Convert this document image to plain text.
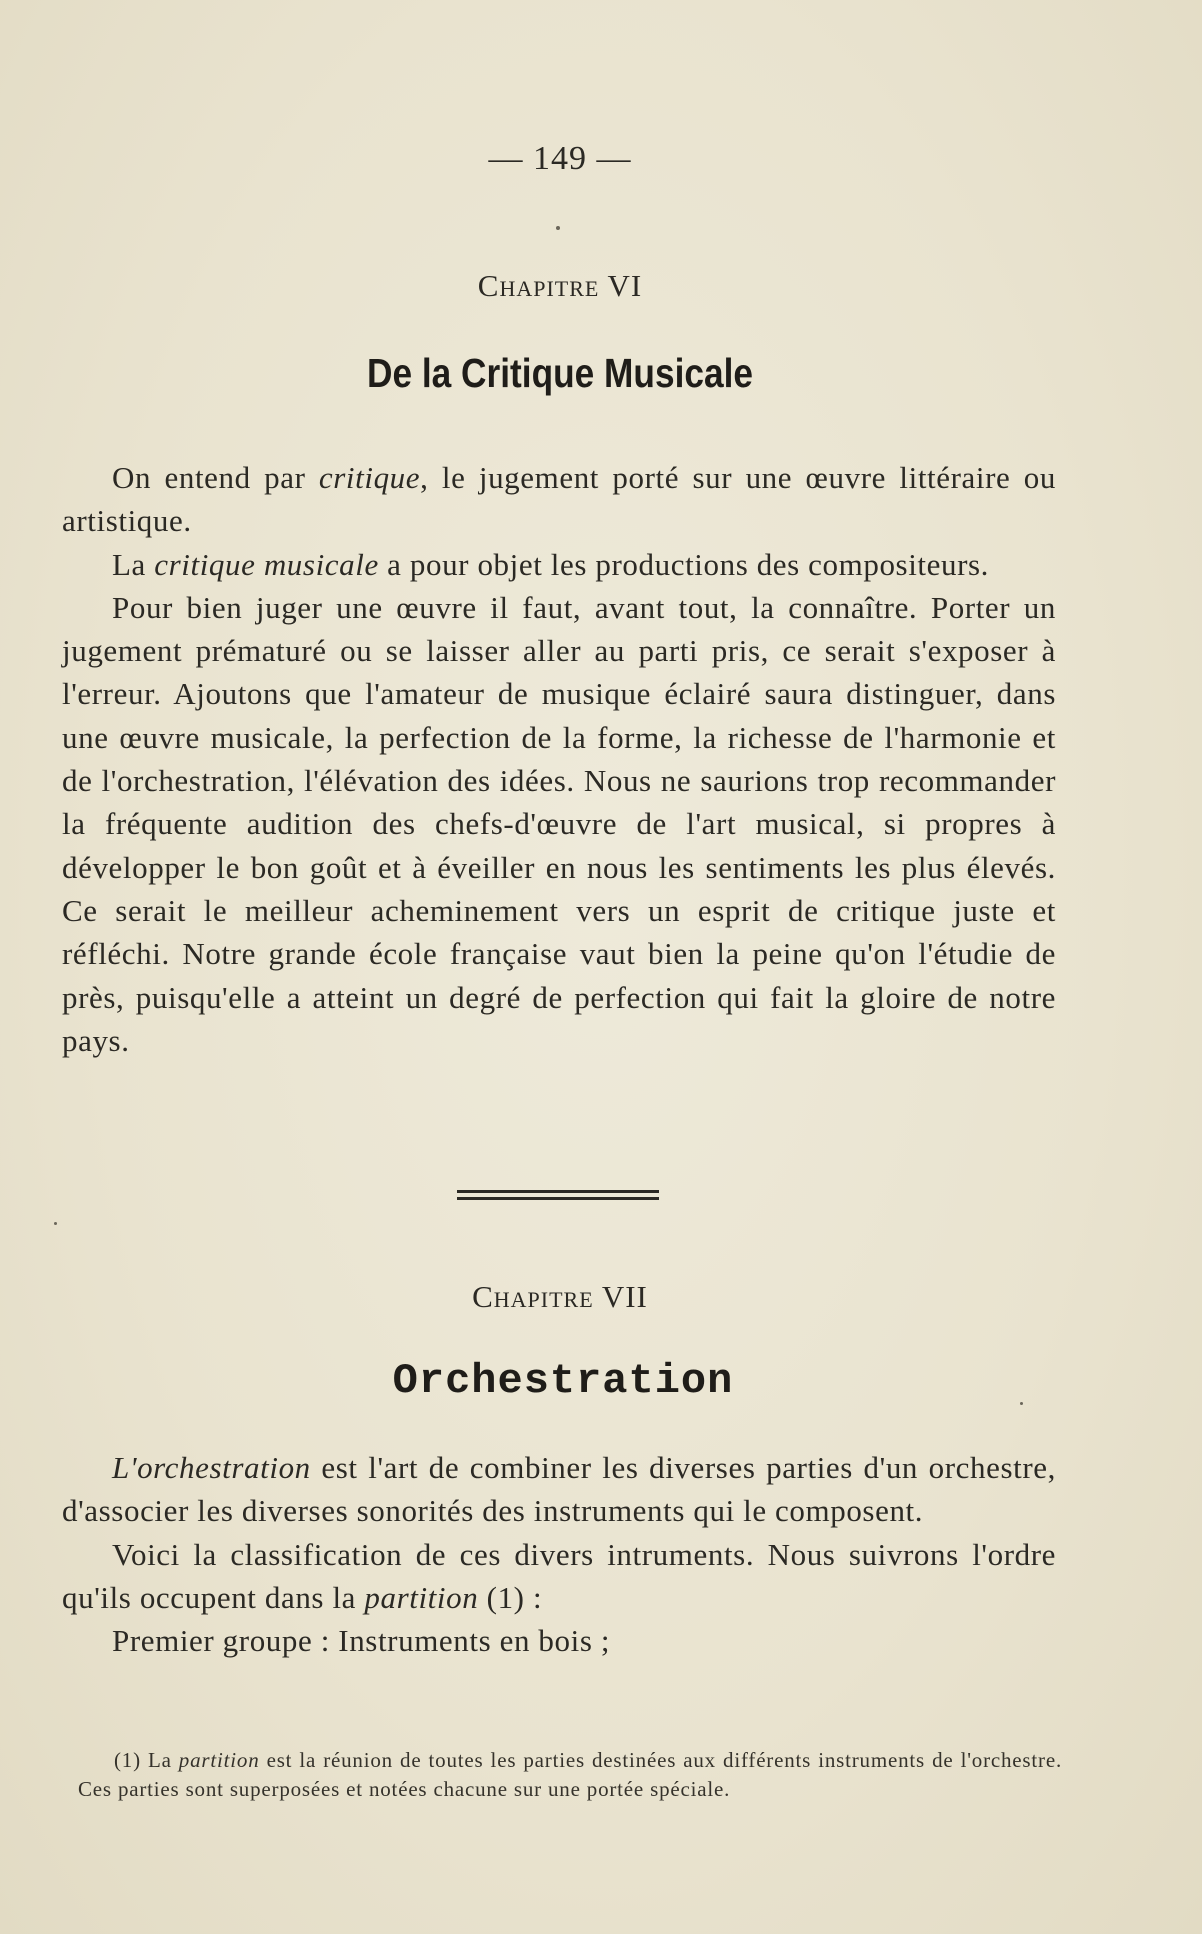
— 149 —
Chapitre VI
De la Critique Musicale

On entend par critique, le jugement porté sur une œuvre littéraire ou artistique.

La critique musicale a pour objet les productions des compositeurs.

Pour bien juger une œuvre il faut, avant tout, la connaître. Porter un jugement prématuré ou se laisser aller au parti pris, ce serait s'exposer à l'erreur. Ajoutons que l'amateur de musique éclairé saura distinguer, dans une œuvre musicale, la perfection de la forme, la richesse de l'harmonie et de l'orchestration, l'élévation des idées. Nous ne saurions trop recommander la fréquente audition des chefs-d'œuvre de l'art musical, si propres à développer le bon goût et à éveiller en nous les sentiments les plus élevés. Ce serait le meilleur acheminement vers un esprit de critique juste et réfléchi. Notre grande école française vaut bien la peine qu'on l'étudie de près, puisqu'elle a atteint un degré de perfection qui fait la gloire de notre pays.

Chapitre VII
Orchestration

L'orchestration est l'art de combiner les diverses parties d'un orchestre, d'associer les diverses sonorités des instruments qui le composent.

Voici la classification de ces divers intruments. Nous suivrons l'ordre qu'ils occupent dans la partition (1) :

Premier groupe : Instruments en bois ;

(1) La partition est la réunion de toutes les parties destinées aux différents instruments de l'orchestre. Ces parties sont superposées et notées chacune sur une portée spéciale.
